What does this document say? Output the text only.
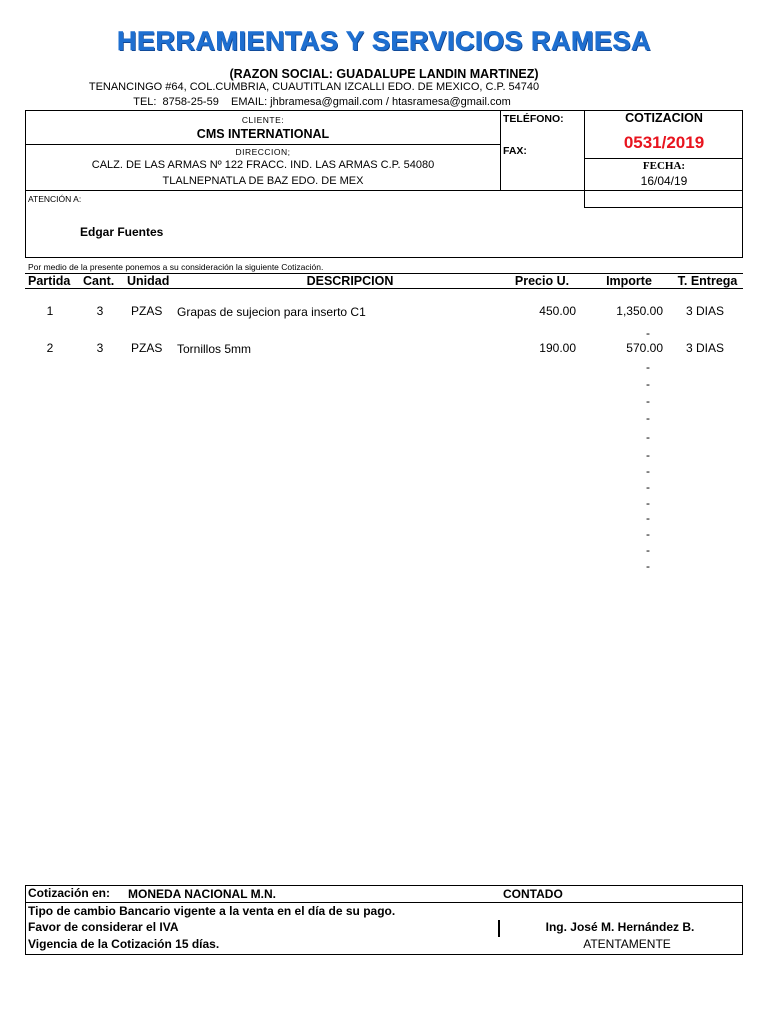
HERRAMIENTAS Y SERVICIOS RAMESA
(RAZON SOCIAL: GUADALUPE LANDIN MARTINEZ)
TENANCINGO #64, COL.CUMBRIA, CUAUTITLAN IZCALLI EDO. DE MEXICO, C.P. 54740
TEL:  8758-25-59    EMAIL: jhbramesa@gmail.com / htasramesa@gmail.com
CLIENTE:
CMS INTERNATIONAL
DIRECCION;
CALZ. DE LAS ARMAS Nº 122 FRACC. IND. LAS ARMAS C.P. 54080
TLALNEPNATLA DE BAZ EDO. DE MEX
TELÉFONO:
FAX:
COTIZACION
0531/2019
FECHA:
16/04/19
ATENCIÓN A:
Edgar Fuentes
Por medio de la presente ponemos a su consideración la siguiente Cotización.
Partida Cant. Unidad	DESCRIPCION	Precio U.	Importe	T. Entrega
1	3	PZAS Grapas de sujecion para inserto C1	450.00	1,350.00	3 DIAS
2	3	PZAS Tornillos 5mm	190.00	570.00	3 DIAS
-
-
-
-
-
-
-
-
-
-
-
-
-
-
Cotización en: MONEDA NACIONAL M.N.	CONTADO
Tipo de cambio Bancario vigente a la venta en el día de su pago.
Favor de considerar el IVA
Vigencia de la Cotización 15 días.
Ing. José M. Hernández B.
ATENTAMENTE
